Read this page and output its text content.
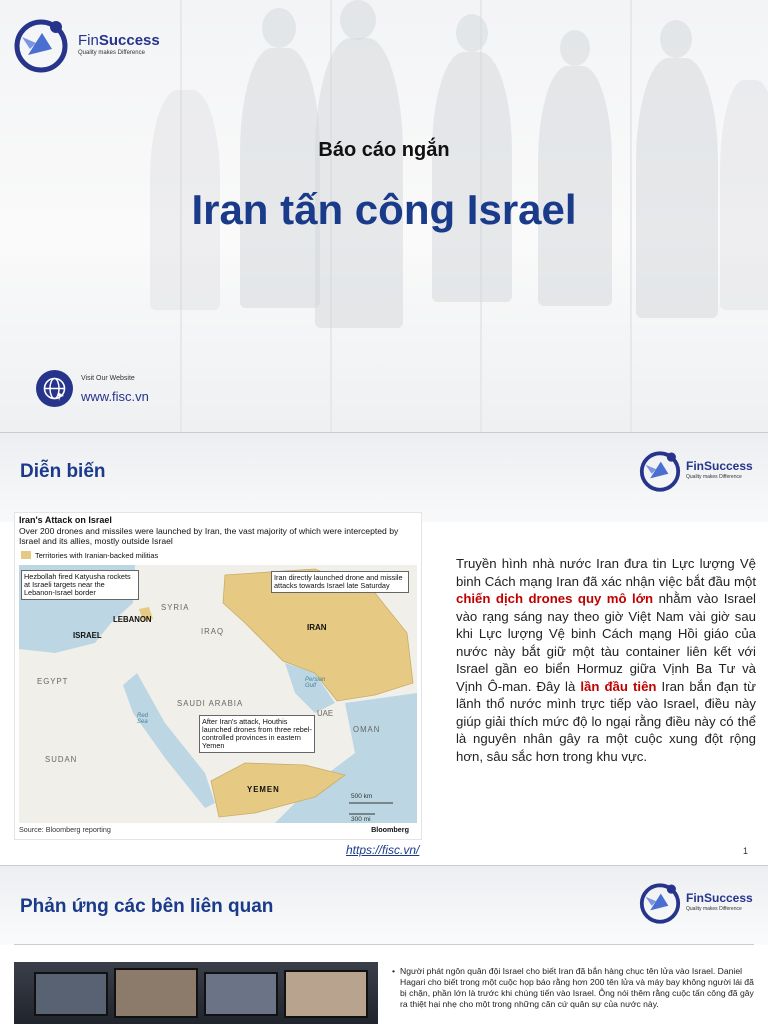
FinSuccess
Quality makes Difference
Báo cáo ngắn
Iran tấn công Israel
Visit Our Website
www.fisc.vn
Diễn biến	FinSuccess
Quality makes Difference
Iran's Attack on Israel
Over 200 drones and missiles were launched by Iran, the vast majority of which were intercepted by Israel and its allies, mostly outside Israel
Territories with Iranian-backed militias
Hezbollah fired Katyusha rockets at Israeli targets near the Lebanon-Israel border
Iran directly launched drone and missile attacks towards Israel late Saturday
After Iran's attack, Houthis launched drones from three rebel-controlled provinces in eastern Yemen
SYRIA
LEBANON
ISRAEL	IRAQ	IRAN
EGYPT
SAUDI ARABIA
Red Sea
Persian Gulf
UAE
OMAN
SUDAN
YEMEN
500 km
300 mi
Source: Bloomberg reporting	Bloomberg
Truyền hình nhà nước Iran đưa tin Lực lượng Vệ binh Cách mạng Iran đã xác nhận việc bắt đầu một chiến dịch drones quy mô lớn nhằm vào Israel vào rạng sáng nay theo giờ Việt Nam vài giờ sau khi Lực lượng Vệ binh Cách mạng Hồi giáo của nước này bắt giữ một tàu container liên kết với Israel gần eo biển Hormuz giữa Vịnh Ba Tư và Vịnh Ô-man. Đây là lần đầu tiên Iran bắn đạn từ lãnh thổ nước mình trực tiếp vào Israel, điều này giúp giải thích mức độ lo ngại rằng điều này có thể là nguyên nhân gây ra một cuộc xung đột rộng hơn, sâu sắc hơn trong khu vực.
https://fisc.vn/	1
Phản ứng các bên liên quan	FinSuccess
Quality makes Difference
• Người phát ngôn quân đội Israel cho biết Iran đã bắn hàng chục tên lửa vào Israel. Daniel Hagari cho biết trong một cuộc họp báo rằng hơn 200 tên lửa và máy bay không người lái đã bị chặn, phần lớn là trước khi chúng tiến vào Israel. Ông nói thêm rằng cuộc tấn công đã gây ra thiệt hại nhẹ cho một trong những căn cứ quân sự của nước này.
